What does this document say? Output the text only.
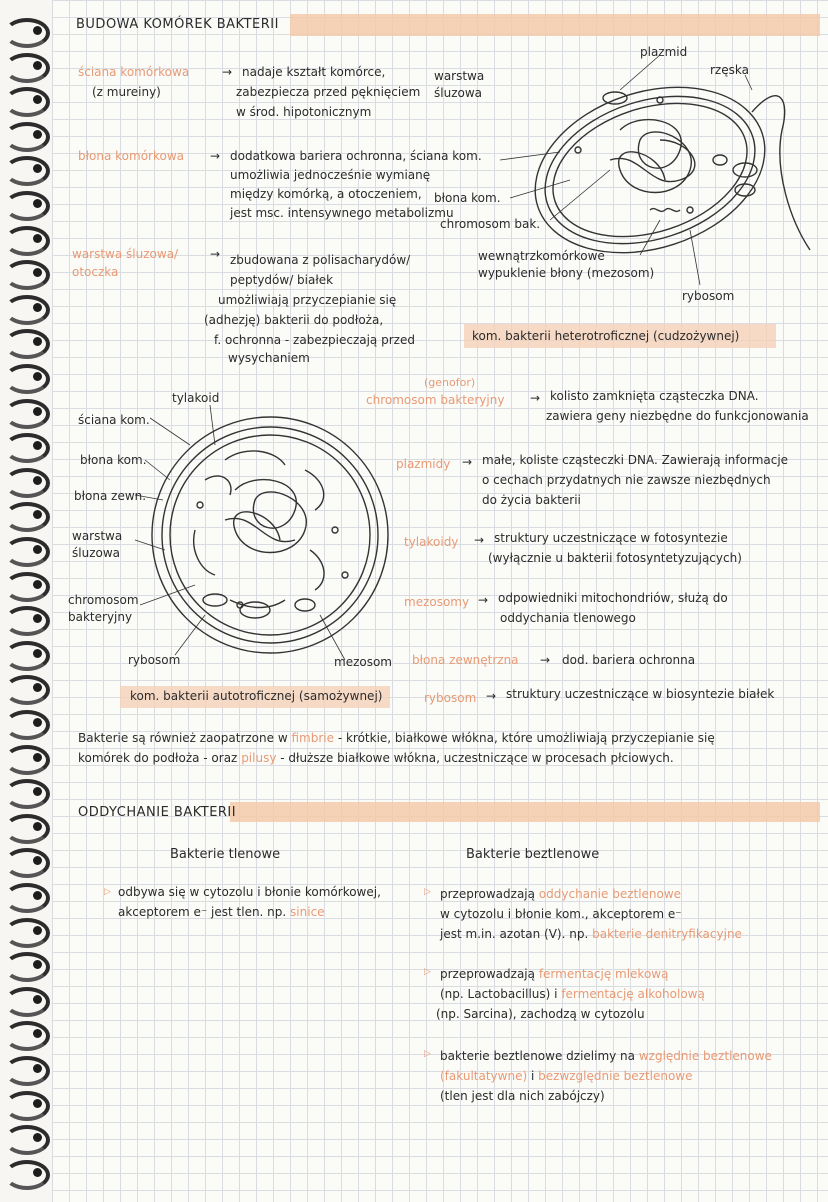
BUDOWA KOMÓREK BAKTERII
ściana komórkowa
(z mureiny)
→ nadaje kształt komórce,
zabezpiecza przed pęknięciem
w środ. hipotonicznym
błona komórkowa → dodatkowa bariera ochronna, ściana kom.
umożliwia jednocześnie wymianę
między komórką, a otoczeniem,
jest msc. intensywnego metabolizmu
warstwa śluzowa/
otoczka
→ zbudowana z polisacharydów/
peptydów/ białek
umożliwiają przyczepianie się
(adhezję) bakterii do podłoża,
f. ochronna - zabezpieczają przed
wysychaniem
plazmid
rzęska
warstwa
śluzowa
błona kom.
chromosom bak.
wewnątrzkomórkowe
wypuklenie błony (mezosom)
rybosom
kom. bakterii heterotroficznej (cudzożywnej)
tylakoid
ściana kom.
błona kom.
błona zewn.
warstwa
śluzowa
chromosom
bakteryjny
rybosom	mezosom
kom. bakterii autotroficznej (samożywnej)
(genofor)
chromosom bakteryjny → kolisto zamknięta cząsteczka DNA.
zawiera geny niezbędne do funkcjonowania
plazmidy → małe, koliste cząsteczki DNA. Zawierają informacje
o cechach przydatnych nie zawsze niezbędnych
do życia bakterii
tylakoidy → struktury uczestniczące w fotosyntezie
(wyłącznie u bakterii fotosyntetyzujących)
mezosomy → odpowiedniki mitochondriów, służą do
oddychania tlenowego
błona zewnętrzna → dod. bariera ochronna
rybosom → struktury uczestniczące w biosyntezie białek
Bakterie są również zaopatrzone w fimbrie - krótkie, białkowe włókna, które umożliwiają przyczepianie się
komórek do podłoża - oraz pilusy - dłuższe białkowe włókna, uczestniczące w procesach płciowych.
ODDYCHANIE BAKTERII
Bakterie tlenowe	Bakterie beztlenowe
▷ odbywa się w cytozolu i błonie komórkowej,
akceptorem e⁻ jest tlen. np. sinice
▷ przeprowadzają oddychanie beztlenowe
w cytozolu i błonie kom., akceptorem e⁻
jest m.in. azotan (V). np. bakterie denitryfikacyjne
▷ przeprowadzają fermentację mlekową
(np. Lactobacillus) i fermentację alkoholową
(np. Sarcina), zachodzą w cytozolu
▷ bakterie beztlenowe dzielimy na względnie beztlenowe
(fakultatywne) i bezwzględnie beztlenowe
(tlen jest dla nich zabójczy)
